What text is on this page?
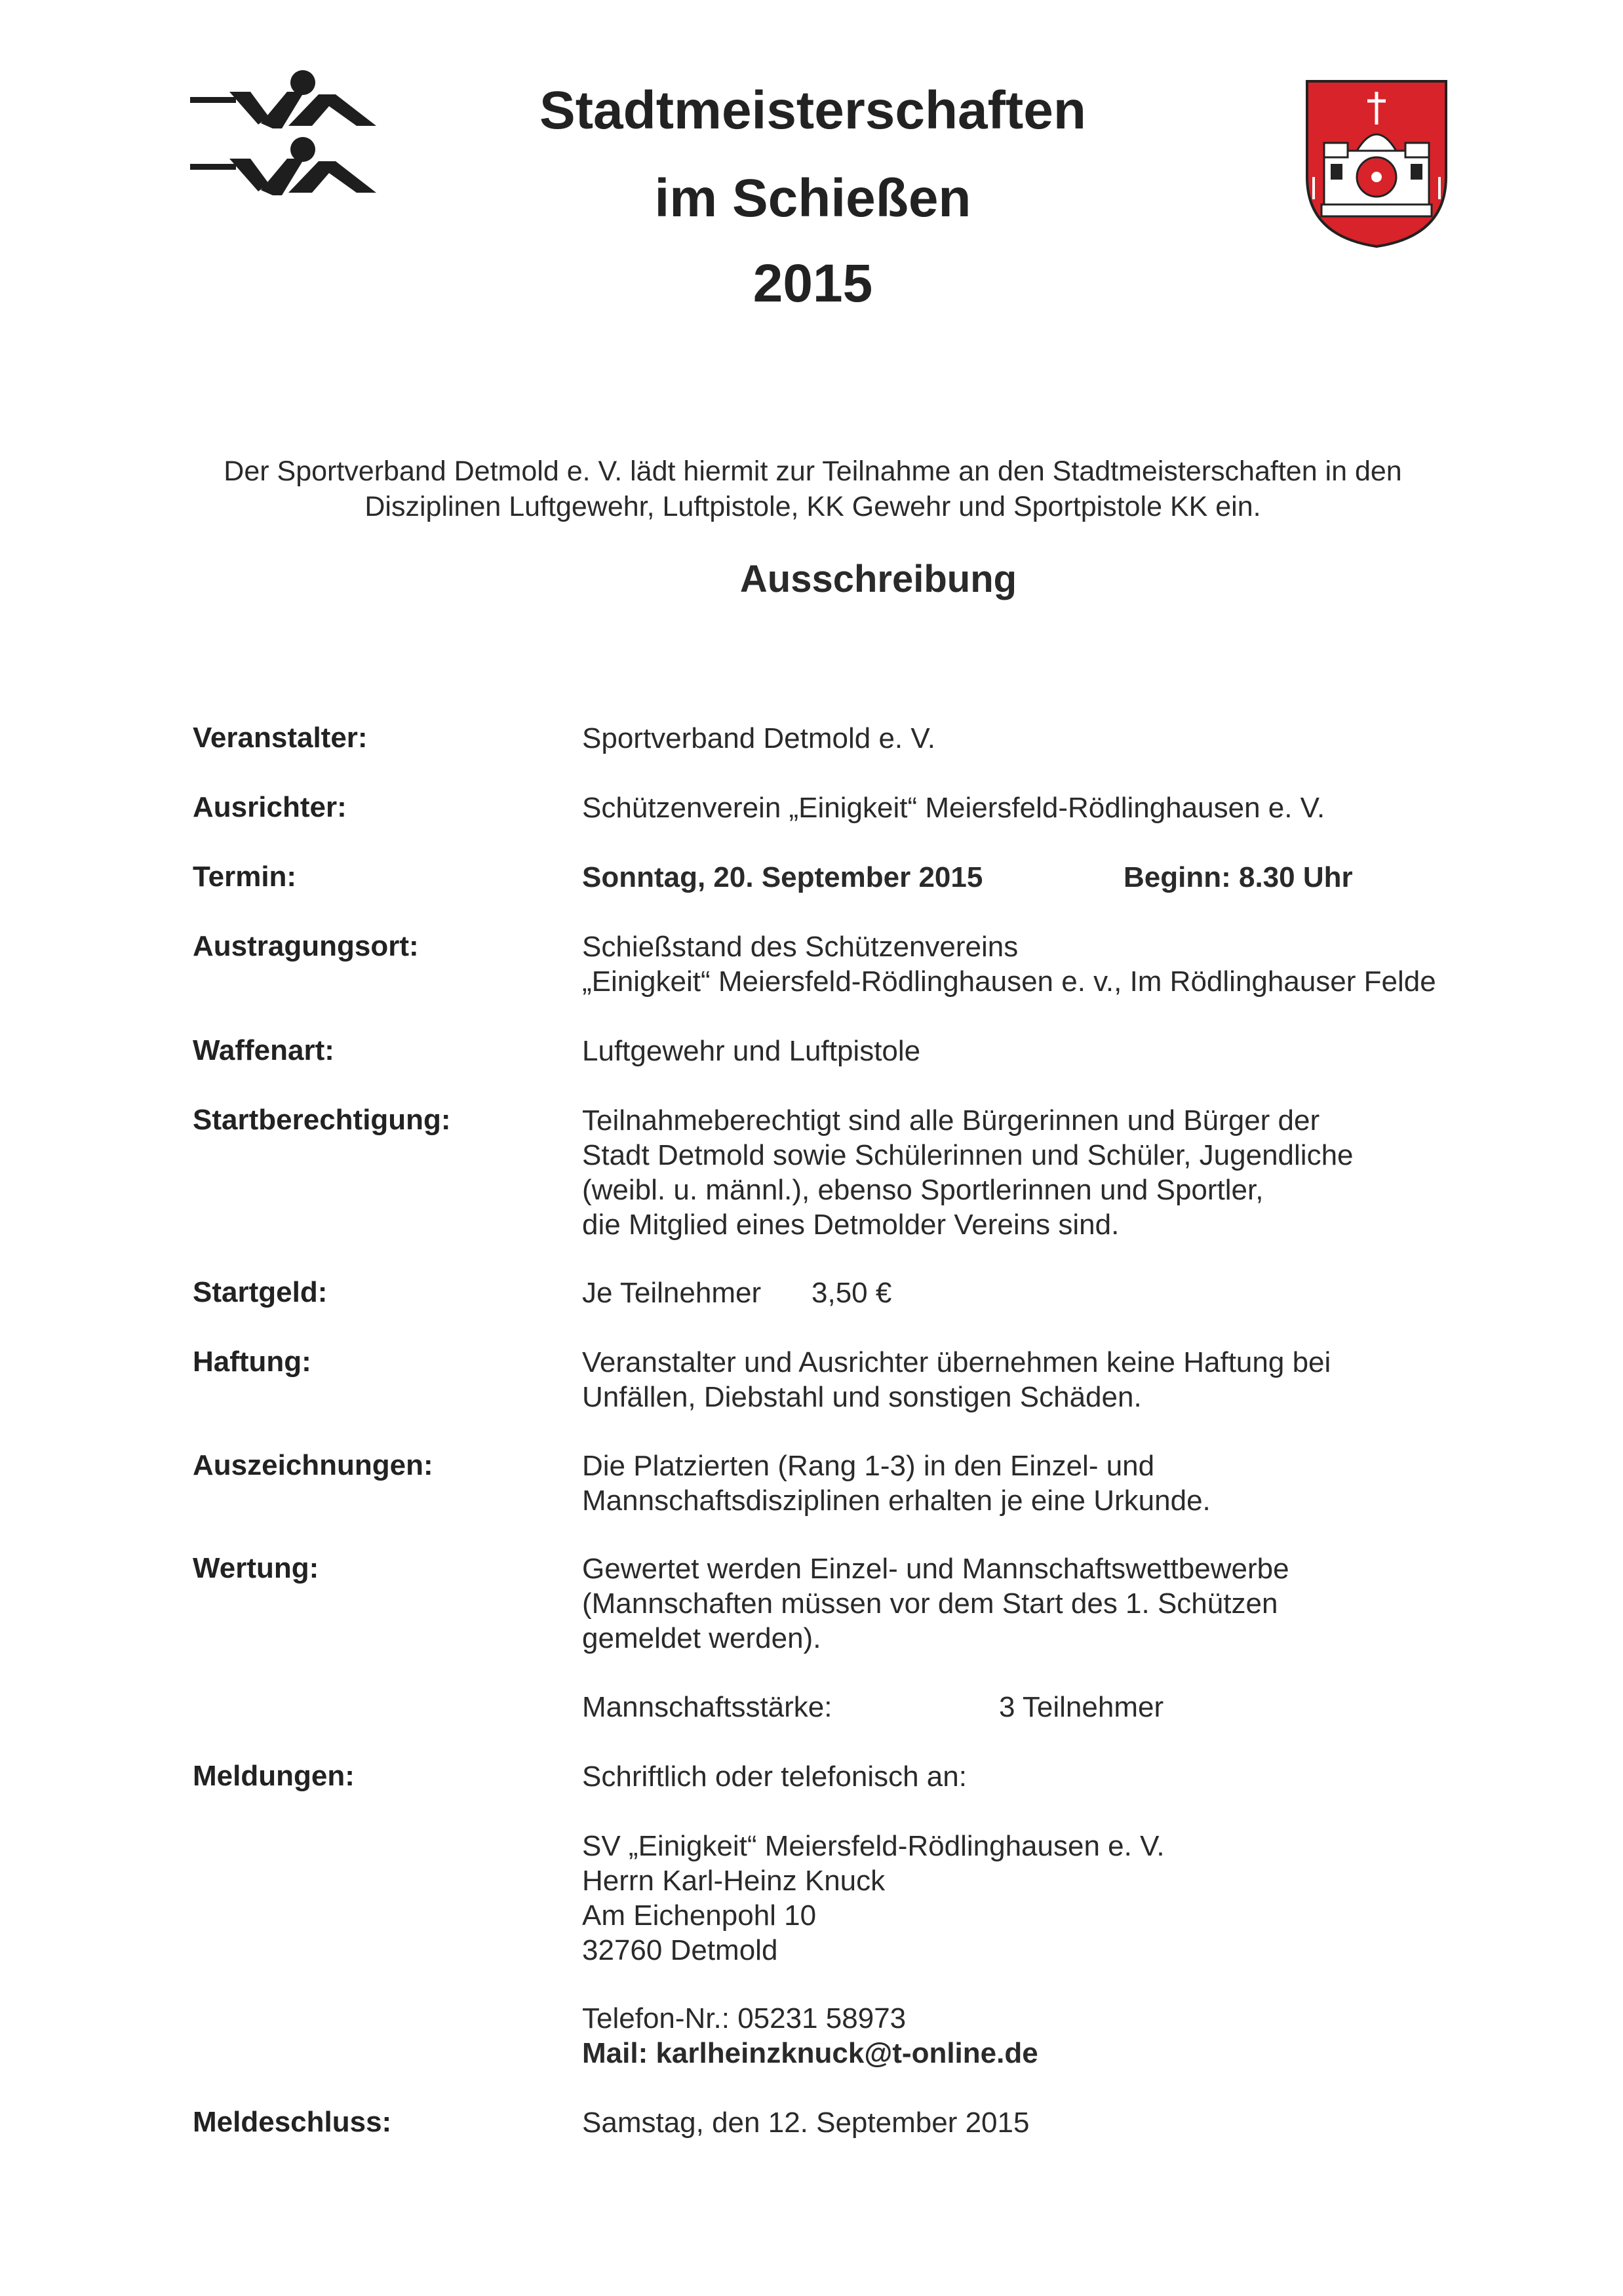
Stadtmeisterschaften
im Schießen
2015
Der Sportverband Detmold e. V. lädt hiermit zur Teilnahme an den Stadtmeisterschaften in den
Disziplinen Luftgewehr, Luftpistole, KK Gewehr und Sportpistole KK ein.
Ausschreibung
Veranstalter:	Sportverband Detmold e. V.
Ausrichter:	Schützenverein „Einigkeit“ Meiersfeld-Rödlinghausen e. V.
Termin:	Sonntag, 20. September 2015	Beginn: 8.30 Uhr
Austragungsort:	Schießstand des Schützenvereins
„Einigkeit“ Meiersfeld-Rödlinghausen e. v., Im Rödlinghauser Felde
Waffenart:	Luftgewehr und Luftpistole
Startberechtigung:	Teilnahmeberechtigt sind alle Bürgerinnen und Bürger der
Stadt Detmold sowie Schülerinnen und Schüler, Jugendliche
(weibl. u. männl.), ebenso Sportlerinnen und Sportler,
die Mitglied eines Detmolder Vereins sind.
Startgeld:	Je Teilnehmer 3,50 €
Haftung:	Veranstalter und Ausrichter übernehmen keine Haftung bei
Unfällen, Diebstahl und sonstigen Schäden.
Auszeichnungen:	Die Platzierten (Rang 1-3) in den Einzel- und
Mannschaftsdisziplinen erhalten je eine Urkunde.
Wertung:	Gewertet werden Einzel- und Mannschaftswettbewerbe
(Mannschaften müssen vor dem Start des 1. Schützen
gemeldet werden).
Mannschaftsstärke:	3 Teilnehmer
Meldungen:	Schriftlich oder telefonisch an:
SV „Einigkeit“ Meiersfeld-Rödlinghausen e. V.
Herrn Karl-Heinz Knuck
Am Eichenpohl 10
32760 Detmold
Telefon-Nr.: 05231 58973
Mail: karlheinzknuck@t-online.de
Meldeschluss:	Samstag, den 12. September 2015
